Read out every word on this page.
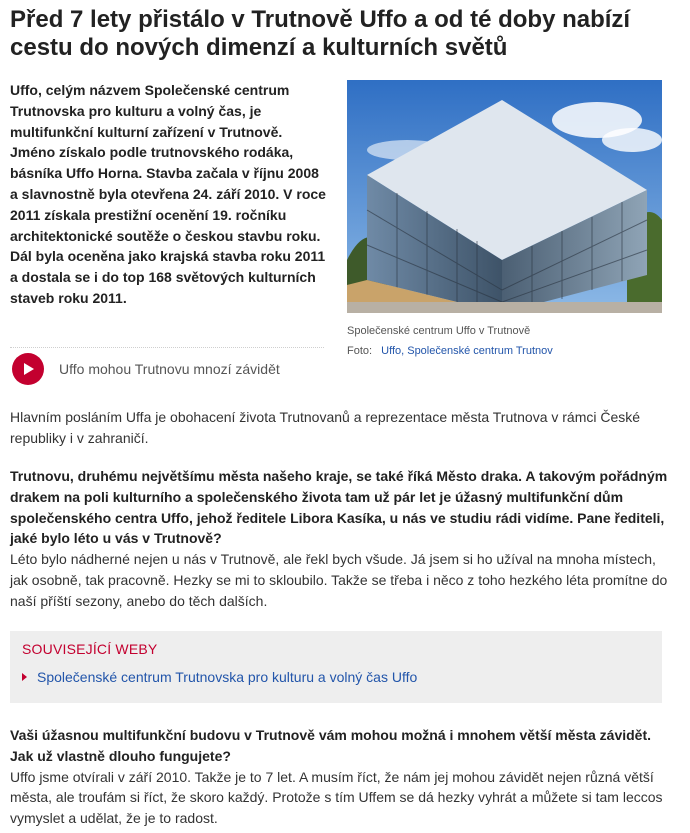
Před 7 lety přistálo v Trutnově Uffo a od té doby nabízí cestu do nových dimenzí a kulturních světů

Uffo, celým názvem Společenské centrum Trutnovska pro kulturu a volný čas, je multifunkční kulturní zařízení v Trutnově. Jméno získalo podle trutnovského rodáka, básníka Uffo Horna. Stavba začala v říjnu 2008 a slavnostně byla otevřena 24. září 2010. V roce 2011 získala prestižní ocenění 19. ročníku architektonické soutěže o českou stavbu roku. Dál byla oceněna jako krajská stavba roku 2011 a dostala se i do top 168 světových kulturních staveb roku 2011.

Uffo mohou Trutnovu mnozí závidět
Společenské centrum Uffo v Trutnově
Foto: Uffo, Společenské centrum Trutnov

Hlavním posláním Uffa je obohacení života Trutnovanů a reprezentace města Trutnova v rámci České republiky i v zahraničí.

Trutnovu, druhému největšímu města našeho kraje, se také říká Město draka. A takovým pořádným drakem na poli kulturního a společenského života tam už pár let je úžasný multifunkční dům společenského centra Uffo, jehož ředitele Libora Kasíka, u nás ve studiu rádi vidíme. Pane řediteli, jaké bylo léto u vás v Trutnově?
Léto bylo nádherné nejen u nás v Trutnově, ale řekl bych všude. Já jsem si ho užíval na mnoha místech, jak osobně, tak pracovně. Hezky se mi to skloubilo. Takže se třeba i něco z toho hezkého léta promítne do naší příští sezony, anebo do těch dalších.
SOUVISEJÍCÍ WEBY
Společenské centrum Trutnovska pro kulturu a volný čas Uffo
Vaši úžasnou multifunkční budovu v Trutnově vám mohou možná i mnohem větší města závidět. Jak už vlastně dlouho fungujete?
Uffo jsme otvírali v září 2010. Takže je to 7 let. A musím říct, že nám jej mohou závidět nejen různá větší města, ale troufám si říct, že skoro každý. Protože s tím Uffem se dá hezky vyhrát a můžete si tam leccos vymyslet a udělat, že je to radost.
